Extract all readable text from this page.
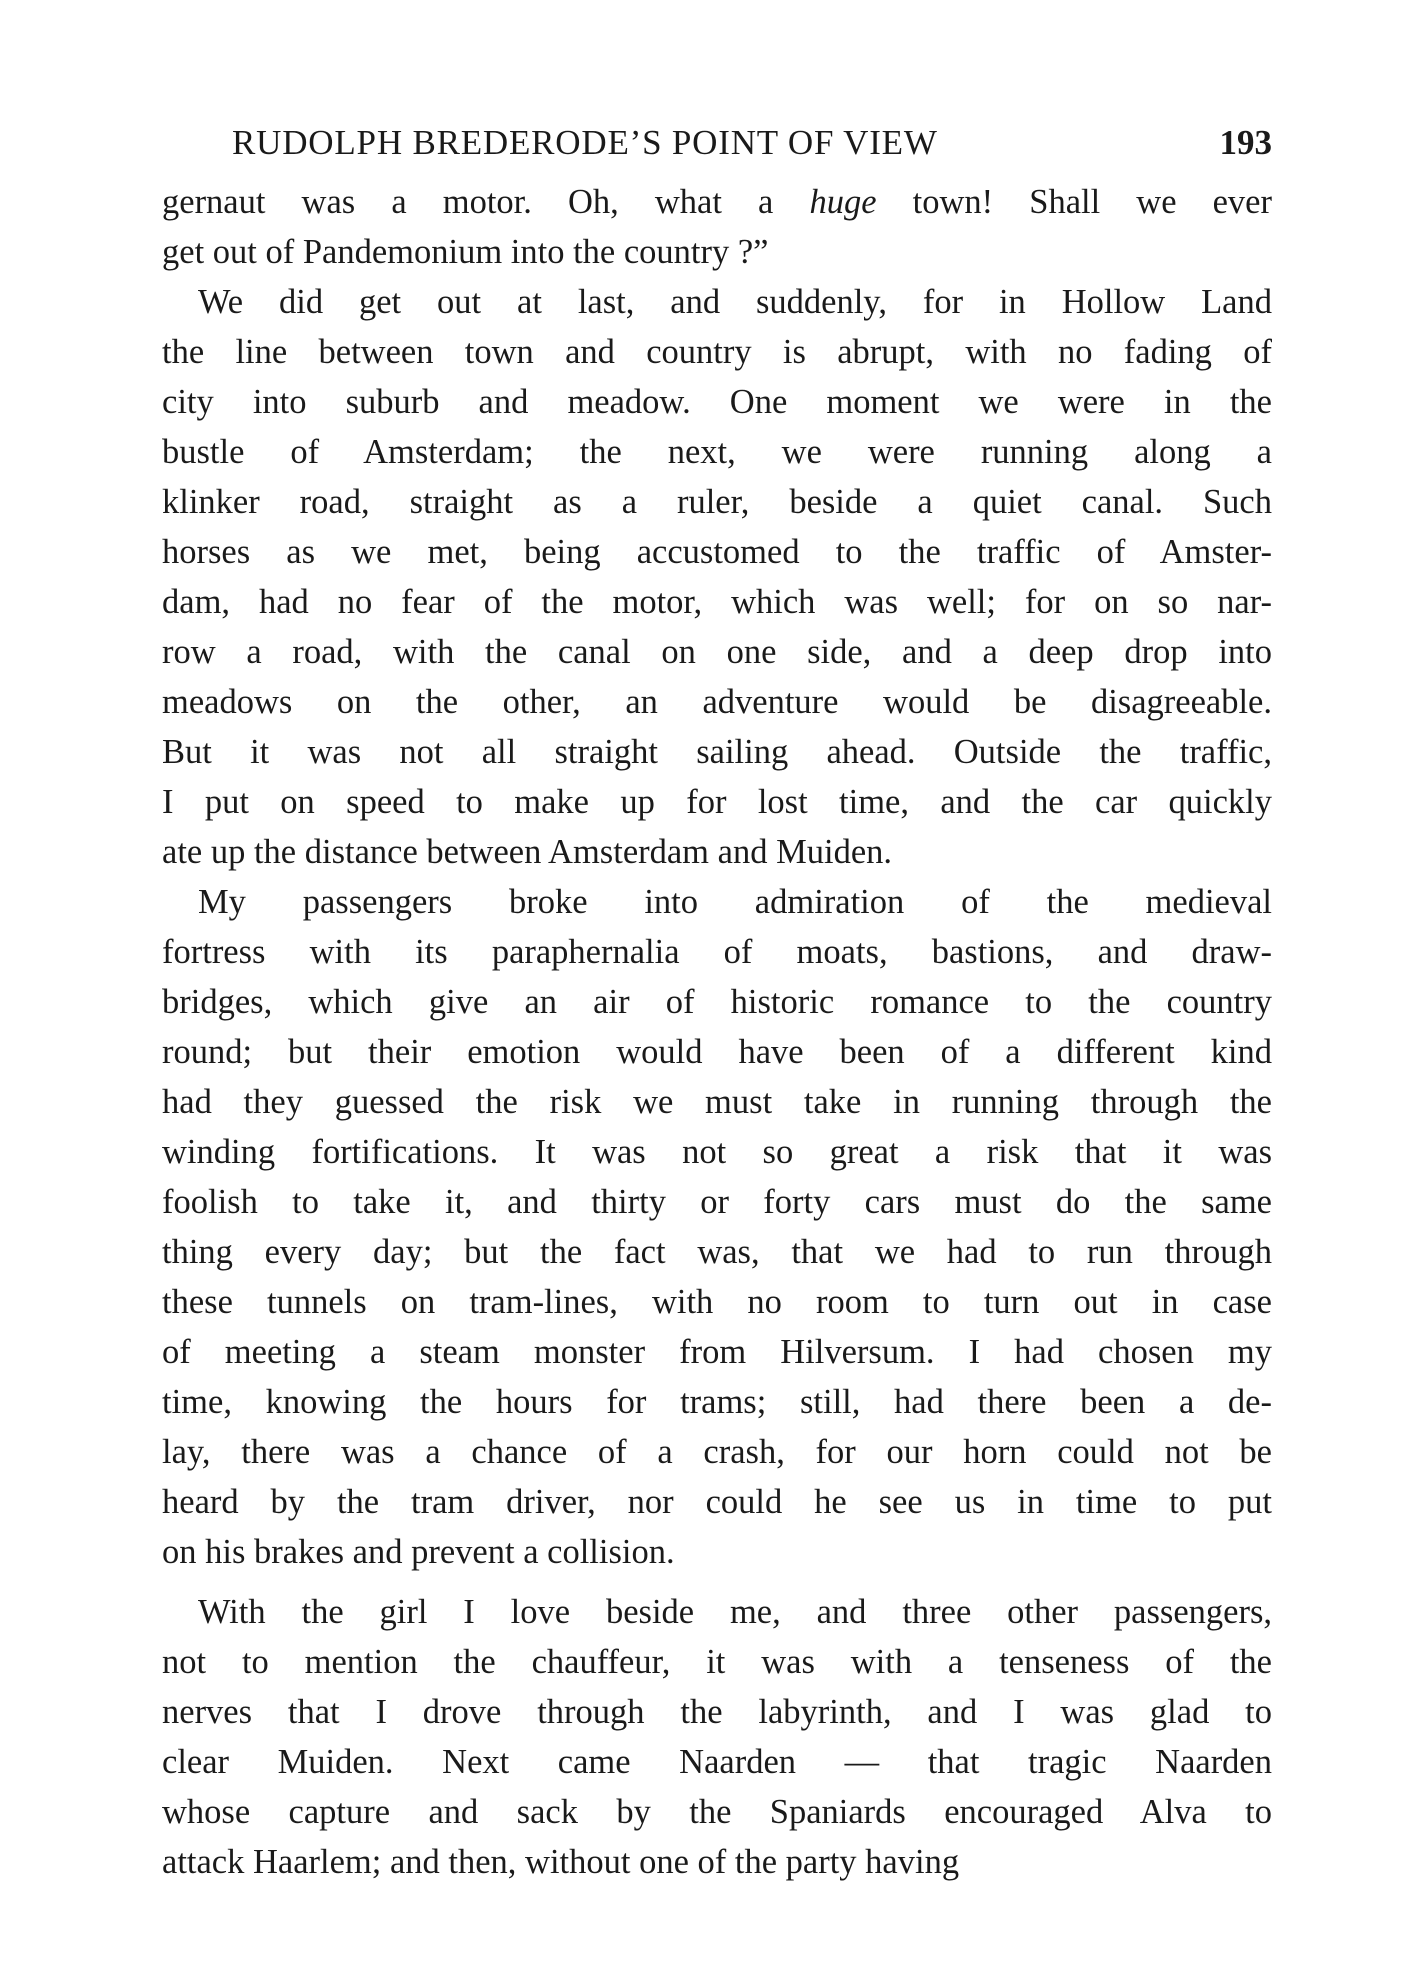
RUDOLPH BREDERODE’S POINT OF VIEW	193
gernaut was a motor. Oh, what a huge town! Shall we ever
get out of Pandemonium into the country ?”
We did get out at last, and suddenly, for in Hollow Land
the line between town and country is abrupt, with no fading of
city into suburb and meadow. One moment we were in the
bustle of Amsterdam; the next, we were running along a
klinker road, straight as a ruler, beside a quiet canal. Such
horses as we met, being accustomed to the traffic of Amster-
dam, had no fear of the motor, which was well; for on so nar-
row a road, with the canal on one side, and a deep drop into
meadows on the other, an adventure would be disagreeable.
But it was not all straight sailing ahead. Outside the traffic,
I put on speed to make up for lost time, and the car quickly
ate up the distance between Amsterdam and Muiden.
My passengers broke into admiration of the medieval
fortress with its paraphernalia of moats, bastions, and draw-
bridges, which give an air of historic romance to the country
round; but their emotion would have been of a different kind
had they guessed the risk we must take in running through the
winding fortifications. It was not so great a risk that it was
foolish to take it, and thirty or forty cars must do the same
thing every day; but the fact was, that we had to run through
these tunnels on tram-lines, with no room to turn out in case
of meeting a steam monster from Hilversum. I had chosen my
time, knowing the hours for trams; still, had there been a de-
lay, there was a chance of a crash, for our horn could not be
heard by the tram driver, nor could he see us in time to put
on his brakes and prevent a collision.
With the girl I love beside me, and three other passengers,
not to mention the chauffeur, it was with a tenseness of the
nerves that I drove through the labyrinth, and I was glad to
clear Muiden. Next came Naarden — that tragic Naarden
whose capture and sack by the Spaniards encouraged Alva to
attack Haarlem; and then, without one of the party having
